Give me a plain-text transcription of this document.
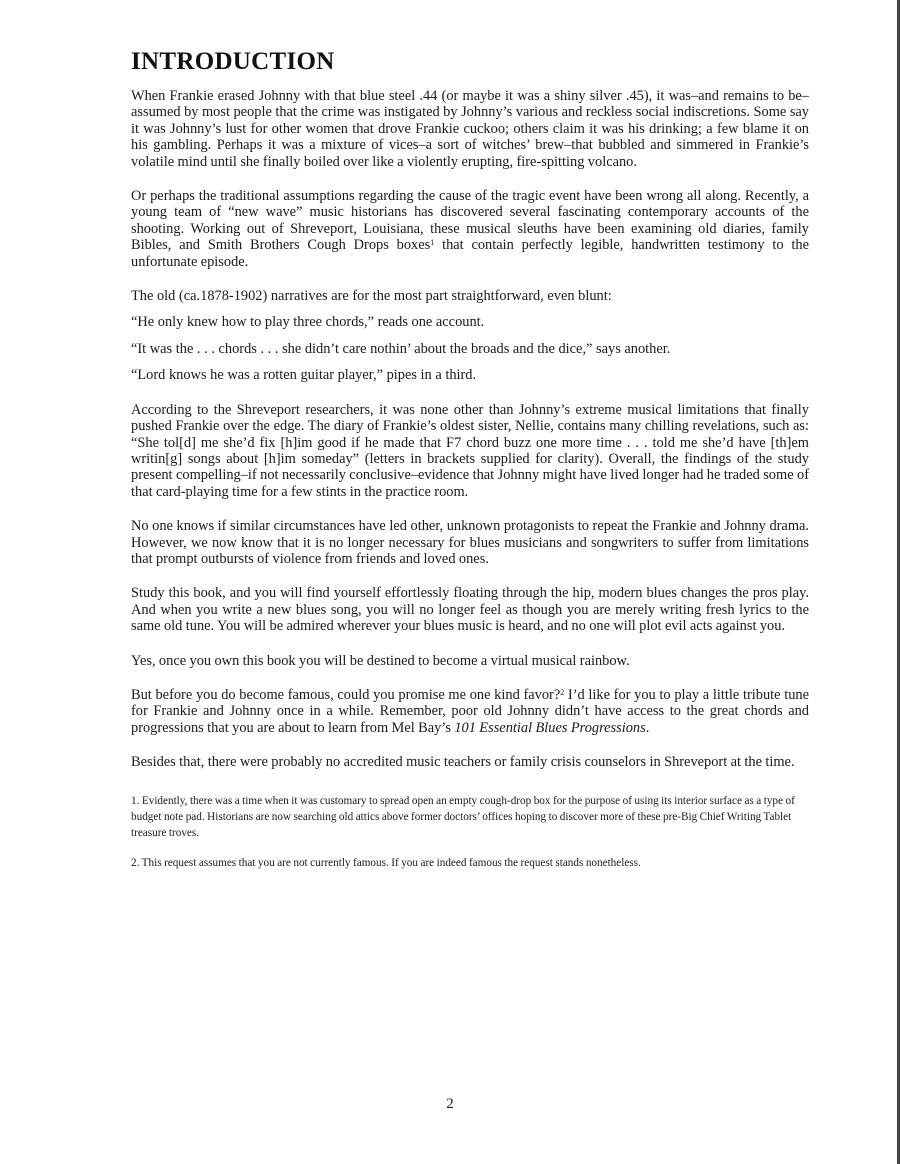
INTRODUCTION

When Frankie erased Johnny with that blue steel .44 (or maybe it was a shiny silver .45), it was–and remains to be–assumed by most people that the crime was instigated by Johnny’s various and reckless social indiscretions. Some say it was Johnny’s lust for other women that drove Frankie cuckoo; others claim it was his drinking; a few blame it on his gambling. Perhaps it was a mixture of vices–a sort of witches’ brew–that bubbled and simmered in Frankie’s volatile mind until she finally boiled over like a violently erupting, fire-spitting volcano.

Or perhaps the traditional assumptions regarding the cause of the tragic event have been wrong all along. Recently, a young team of “new wave” music historians has discovered several fascinating contemporary accounts of the shooting. Working out of Shreveport, Louisiana, these musical sleuths have been examining old diaries, family Bibles, and Smith Brothers Cough Drops boxes$^1$ that contain perfectly legible, handwritten testimony to the unfortunate episode.

The old (ca.1878-1902) narratives are for the most part straightforward, even blunt:

“He only knew how to play three chords,” reads one account.

“It was the . . . chords . . . she didn’t care nothin’ about the broads and the dice,” says another.

“Lord knows he was a rotten guitar player,” pipes in a third.

According to the Shreveport researchers, it was none other than Johnny’s extreme musical limitations that finally pushed Frankie over the edge. The diary of Frankie’s oldest sister, Nellie, contains many chilling revelations, such as: “She tol[d] me she’d fix [h]im good if he made that F7 chord buzz one more time . . . told me she’d have [th]em writin[g] songs about [h]im someday” (letters in brackets supplied for clarity). Overall, the findings of the study present compelling–if not necessarily conclusive–evidence that Johnny might have lived longer had he traded some of that card-playing time for a few stints in the practice room.

No one knows if similar circumstances have led other, unknown protagonists to repeat the Frankie and Johnny drama. However, we now know that it is no longer necessary for blues musicians and songwriters to suffer from limitations that prompt outbursts of violence from friends and loved ones.

Study this book, and you will find yourself effortlessly floating through the hip, modern blues changes the pros play. And when you write a new blues song, you will no longer feel as though you are merely writing fresh lyrics to the same old tune. You will be admired wherever your blues music is heard, and no one will plot evil acts against you.

Yes, once you own this book you will be destined to become a virtual musical rainbow.

But before you do become famous, could you promise me one kind favor?$^2$ I’d like for you to play a little tribute tune for Frankie and Johnny once in a while. Remember, poor old Johnny didn’t have access to the great chords and progressions that you are about to learn from Mel Bay’s 101 Essential Blues Progressions.

Besides that, there were probably no accredited music teachers or family crisis counselors in Shreveport at the time.

1. Evidently, there was a time when it was customary to spread open an empty cough-drop box for the purpose of using its interior surface as a type of budget note pad. Historians are now searching old attics above former doctors’ offices hoping to discover more of these pre-Big Chief Writing Tablet treasure troves.

2. This request assumes that you are not currently famous. If you are indeed famous the request stands nonetheless.

2
